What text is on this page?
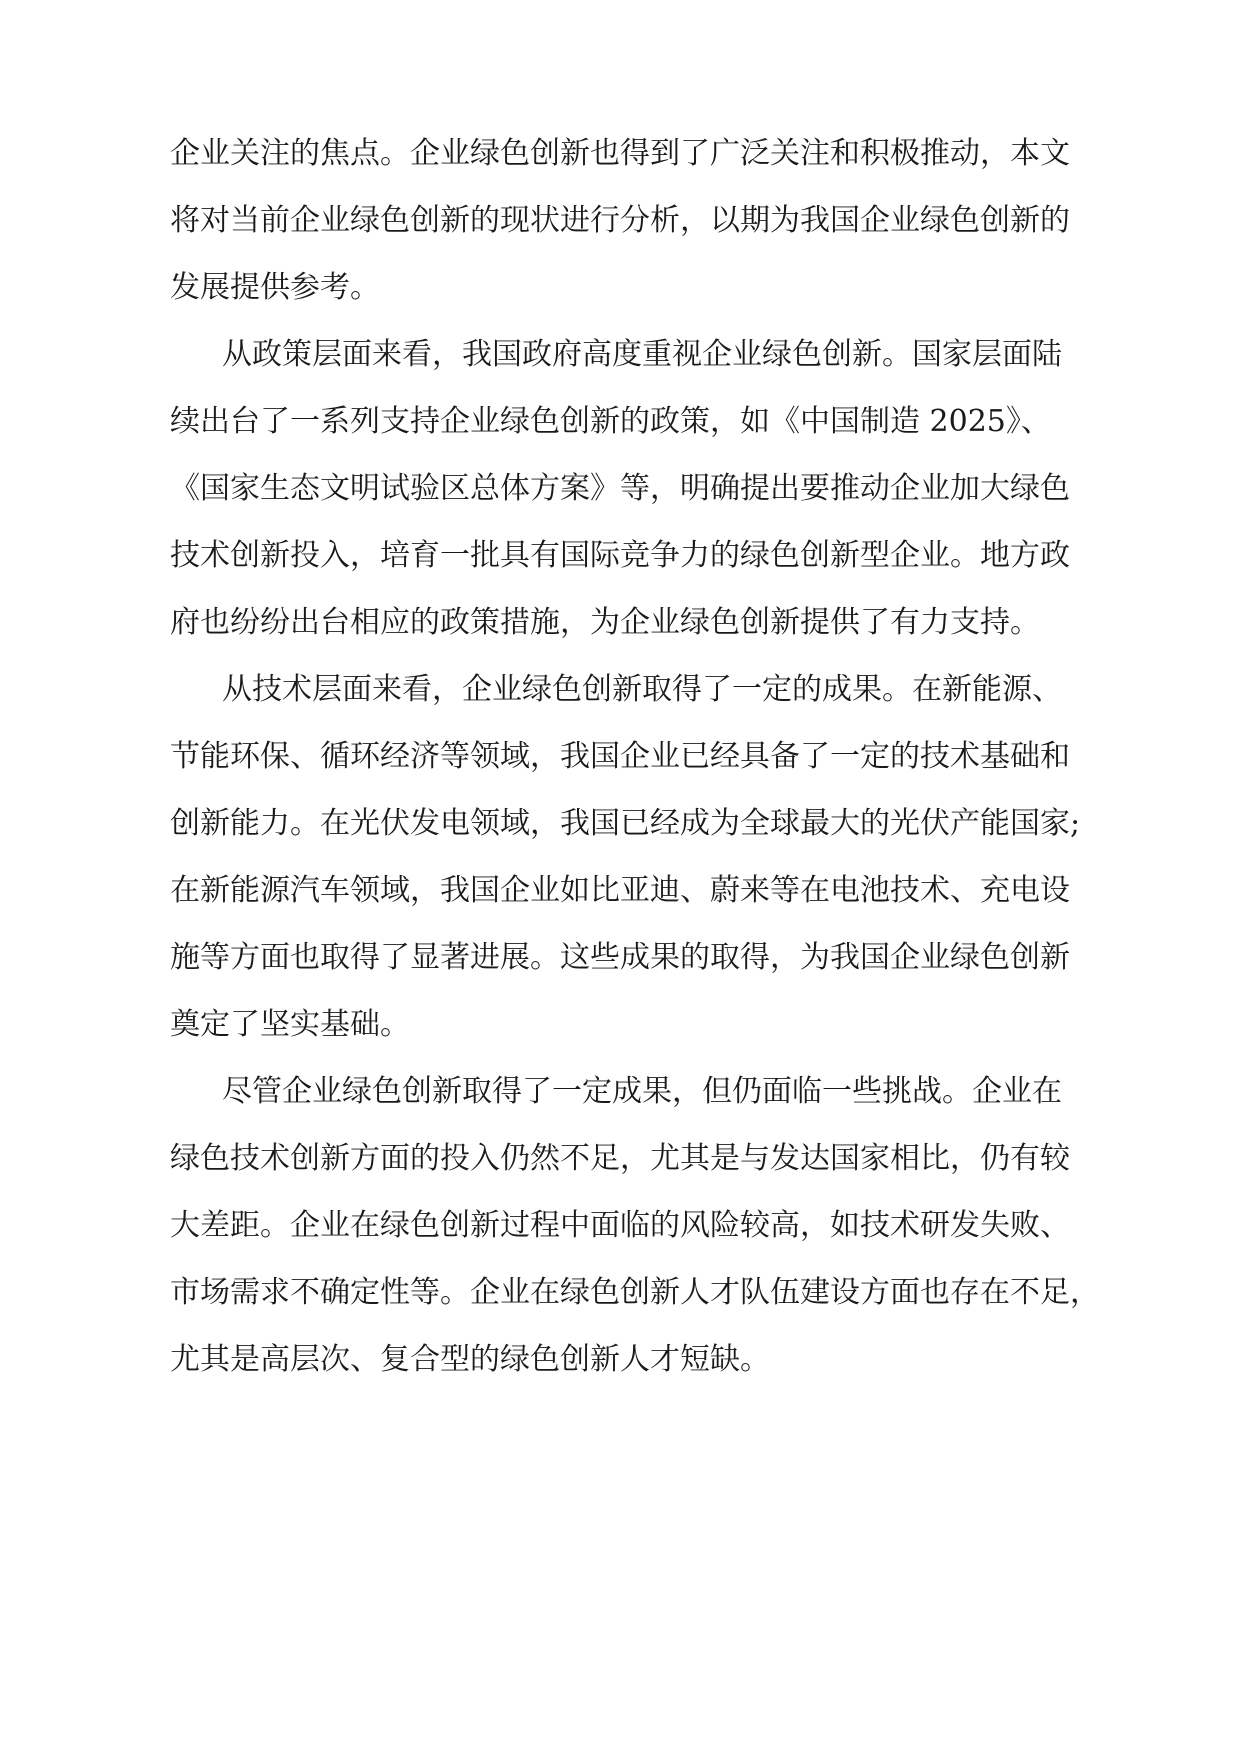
企业关注的焦点。企业绿色创新也得到了广泛关注和积极推动，本文
将对当前企业绿色创新的现状进行分析，以期为我国企业绿色创新的
发展提供参考。
从政策层面来看，我国政府高度重视企业绿色创新。国家层面陆
续出台了一系列支持企业绿色创新的政策，如《中国制造 2025》、
《国家生态文明试验区总体方案》等，明确提出要推动企业加大绿色
技术创新投入，培育一批具有国际竞争力的绿色创新型企业。地方政
府也纷纷出台相应的政策措施，为企业绿色创新提供了有力支持。
从技术层面来看，企业绿色创新取得了一定的成果。在新能源、
节能环保、循环经济等领域，我国企业已经具备了一定的技术基础和
创新能力。在光伏发电领域，我国已经成为全球最大的光伏产能国家;
在新能源汽车领域，我国企业如比亚迪、蔚来等在电池技术、充电设
施等方面也取得了显著进展。这些成果的取得，为我国企业绿色创新
奠定了坚实基础。
尽管企业绿色创新取得了一定成果，但仍面临一些挑战。企业在
绿色技术创新方面的投入仍然不足，尤其是与发达国家相比，仍有较
大差距。企业在绿色创新过程中面临的风险较高，如技术研发失败、
市场需求不确定性等。企业在绿色创新人才队伍建设方面也存在不足，
尤其是高层次、复合型的绿色创新人才短缺。
